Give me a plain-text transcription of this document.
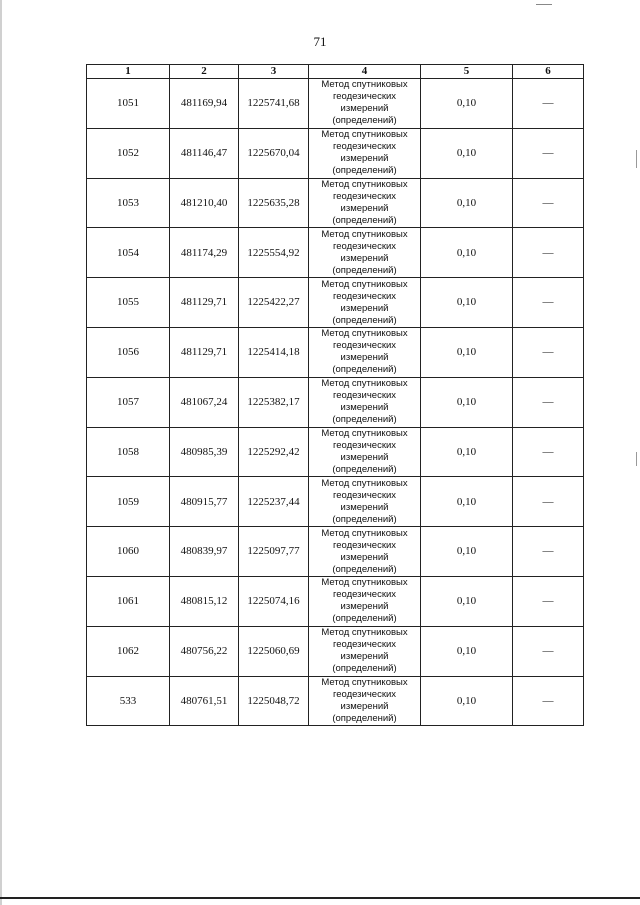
71
1	2	3	4	5	6
1051	481169,94	1225741,68	Метод спутниковых
геодезических
измерений
(определений)	0,10	—
1052	481146,47	1225670,04	Метод спутниковых
геодезических
измерений
(определений)	0,10	—
1053	481210,40	1225635,28	Метод спутниковых
геодезических
измерений
(определений)	0,10	—
1054	481174,29	1225554,92	Метод спутниковых
геодезических
измерений
(определений)	0,10	—
1055	481129,71	1225422,27	Метод спутниковых
геодезических
измерений
(определений)	0,10	—
1056	481129,71	1225414,18	Метод спутниковых
геодезических
измерений
(определений)	0,10	—
1057	481067,24	1225382,17	Метод спутниковых
геодезических
измерений
(определений)	0,10	—
1058	480985,39	1225292,42	Метод спутниковых
геодезических
измерений
(определений)	0,10	—
1059	480915,77	1225237,44	Метод спутниковых
геодезических
измерений
(определений)	0,10	—
1060	480839,97	1225097,77	Метод спутниковых
геодезических
измерений
(определений)	0,10	—
1061	480815,12	1225074,16	Метод спутниковых
геодезических
измерений
(определений)	0,10	—
1062	480756,22	1225060,69	Метод спутниковых
геодезических
измерений
(определений)	0,10	—
533	480761,51	1225048,72	Метод спутниковых
геодезических
измерений
(определений)	0,10	—
